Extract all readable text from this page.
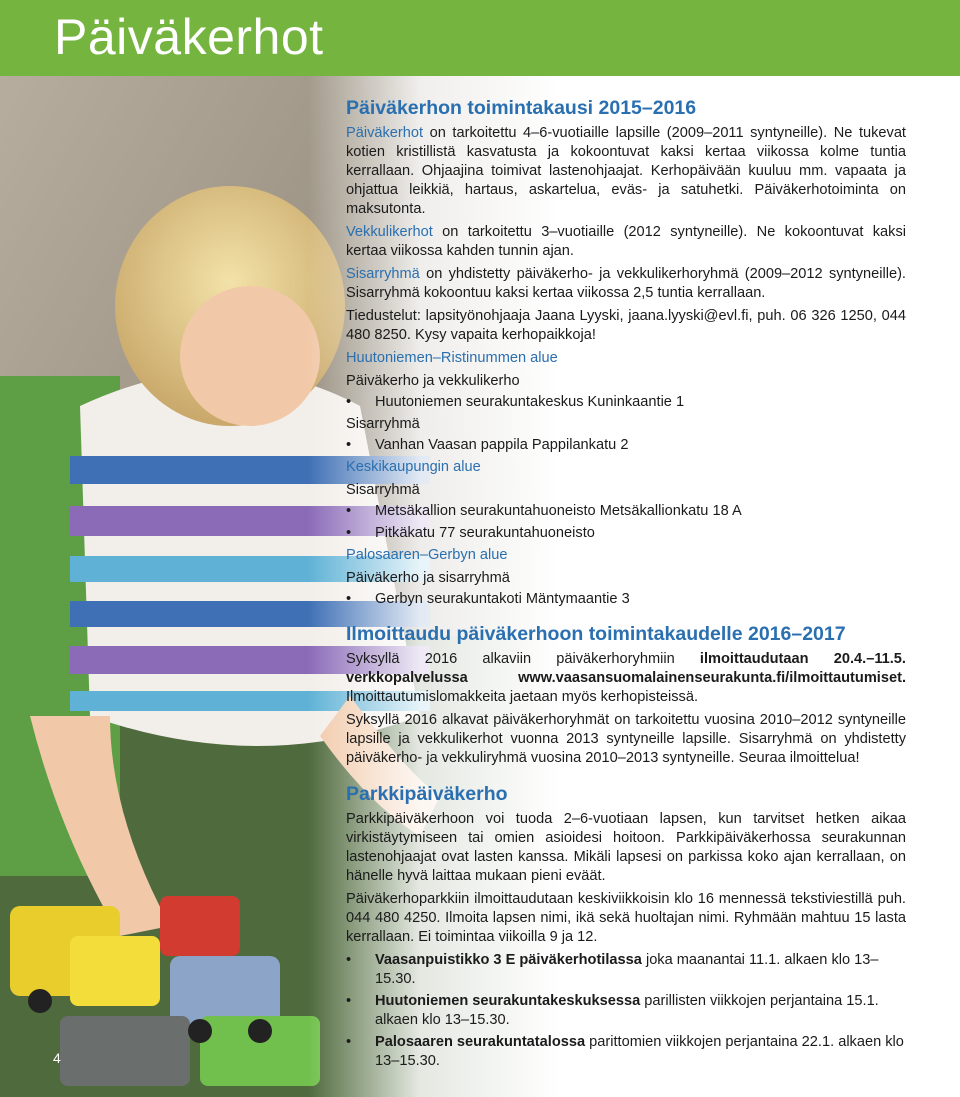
Päiväkerhot
4
Päiväkerhon toimintakausi 2015–2016

Päiväkerhot on tarkoitettu 4–6-vuotiaille lapsille (2009–2011 syntyneille). Ne tukevat kotien kristillistä kasvatusta ja kokoontuvat kaksi kertaa viikossa kolme tuntia kerrallaan. Ohjaajina toimivat lastenohjaajat. Kerhopäivään kuuluu mm. vapaata ja ohjattua leikkiä, hartaus, askartelua, eväs- ja satuhetki. Päiväkerhotoiminta on maksutonta.

Vekkulikerhot on tarkoitettu 3–vuotiaille (2012 syntyneille). Ne kokoontuvat kaksi kertaa viikossa kahden tunnin ajan.

Sisarryhmä on yhdistetty päiväkerho- ja vekkulikerhoryhmä (2009–2012 syntyneille). Sisarryhmä kokoontuu kaksi kertaa viikossa 2,5 tuntia kerrallaan.

Tiedustelut: lapsityönohjaaja Jaana Lyyski, jaana.lyyski@evl.fi, puh. 06 326 1250, 044 480 8250. Kysy vapaita kerhopaikkoja!

Huutoniemen–Ristinummen alue
Päiväkerho ja vekkulikerho
• Huutoniemen seurakuntakeskus Kuninkaantie 1
Sisarryhmä
• Vanhan Vaasan pappila Pappilankatu 2
Keskikaupungin alue
Sisarryhmä
• Metsäkallion seurakuntahuoneisto Metsäkallionkatu 18 A
• Pitkäkatu 77 seurakuntahuoneisto
Palosaaren–Gerbyn alue
Päiväkerho ja sisarryhmä
• Gerbyn seurakuntakoti Mäntymaantie 3
Ilmoittaudu päiväkerhoon toimintakaudelle 2016–2017

Syksyllä 2016 alkaviin päiväkerhoryhmiin ilmoittaudutaan 20.4.–11.5. verkkopalvelussa www.vaasansuomalainenseurakunta.fi/ilmoittautumiset. Ilmoittautumislomakkeita jaetaan myös kerhopisteissä.

Syksyllä 2016 alkavat päiväkerhoryhmät on tarkoitettu vuosina 2010–2012 syntyneille lapsille ja vekkulikerhot vuonna 2013 syntyneille lapsille. Sisarryhmä on yhdistetty päiväkerho- ja vekkuliryhmä vuosina 2010–2013 syntyneille. Seuraa ilmoittelua!

Parkkipäiväkerho

Parkkipäiväkerhoon voi tuoda 2–6-vuotiaan lapsen, kun tarvitset hetken aikaa virkistäytymiseen tai omien asioidesi hoitoon. Parkkipäiväkerhossa seurakunnan lastenohjaajat ovat lasten kanssa. Mikäli lapsesi on parkissa koko ajan kerrallaan, on hänelle hyvä laittaa mukaan pieni eväät.

Päiväkerhoparkkiin ilmoittaudutaan keskiviikkoisin klo 16 mennessä tekstiviestillä puh. 044 480 4250. Ilmoita lapsen nimi, ikä sekä huoltajan nimi. Ryhmään mahtuu 15 lasta kerrallaan. Ei toimintaa viikoilla 9 ja 12.

• Vaasanpuistikko 3 E päiväkerhotilassa joka maanantai 11.1. alkaen klo 13–15.30.
• Huutoniemen seurakuntakeskuksessa parillisten viikkojen perjantaina 15.1. alkaen klo 13–15.30.
• Palosaaren seurakuntatalossa parittomien viikkojen perjantaina 22.1. alkaen klo 13–15.30.
